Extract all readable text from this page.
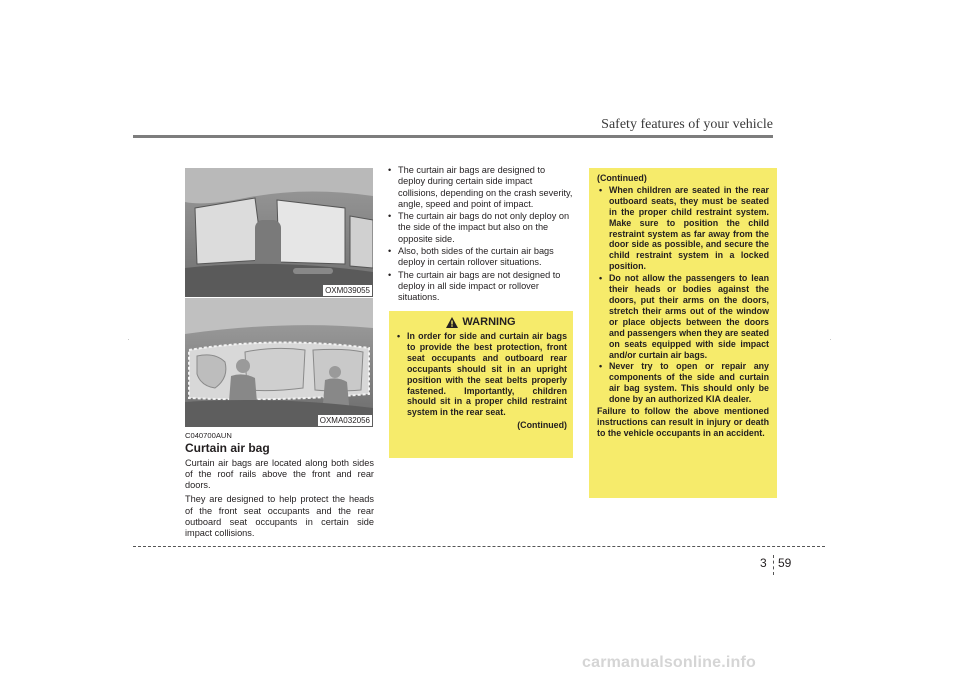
Safety features of your vehicle
OXM039055
OXMA032056
C040700AUN
Curtain air bag

Curtain air bags are located along both sides of the roof rails above the front and rear doors.

They are designed to help protect the heads of the front seat occupants and the rear outboard seat occupants in certain side impact collisions.

• The curtain air bags are designed to deploy during certain side impact collisions, depending on the crash severity, angle, speed and point of impact.
• The curtain air bags do not only deploy on the side of the impact but also on the opposite side.
• Also, both sides of the curtain air bags deploy in certain rollover situations.
• The curtain air bags are not designed to deploy in all side impact or rollover situations.
WARNING
• In order for side and curtain air bags to provide the best protection, front seat occupants and outboard rear occupants should sit in an upright position with the seat belts properly fastened. Importantly, children should sit in a proper child restraint system in the rear seat.
(Continued)
(Continued)
• When children are seated in the rear outboard seats, they must be seated in the proper child restraint system. Make sure to position the child restraint system as far away from the door side as possible, and secure the child restraint system in a locked position.
• Do not allow the passengers to lean their heads or bodies against the doors, put their arms on the doors, stretch their arms out of the window or place objects between the doors and passengers when they are seated on seats equipped with side impact and/or curtain air bags.
• Never try to open or repair any components of the side and curtain air bag system. This should only be done by an authorized KIA dealer.
Failure to follow the above mentioned instructions can result in injury or death to the vehicle occupants in an accident.
3 59
carmanualsonline.info
